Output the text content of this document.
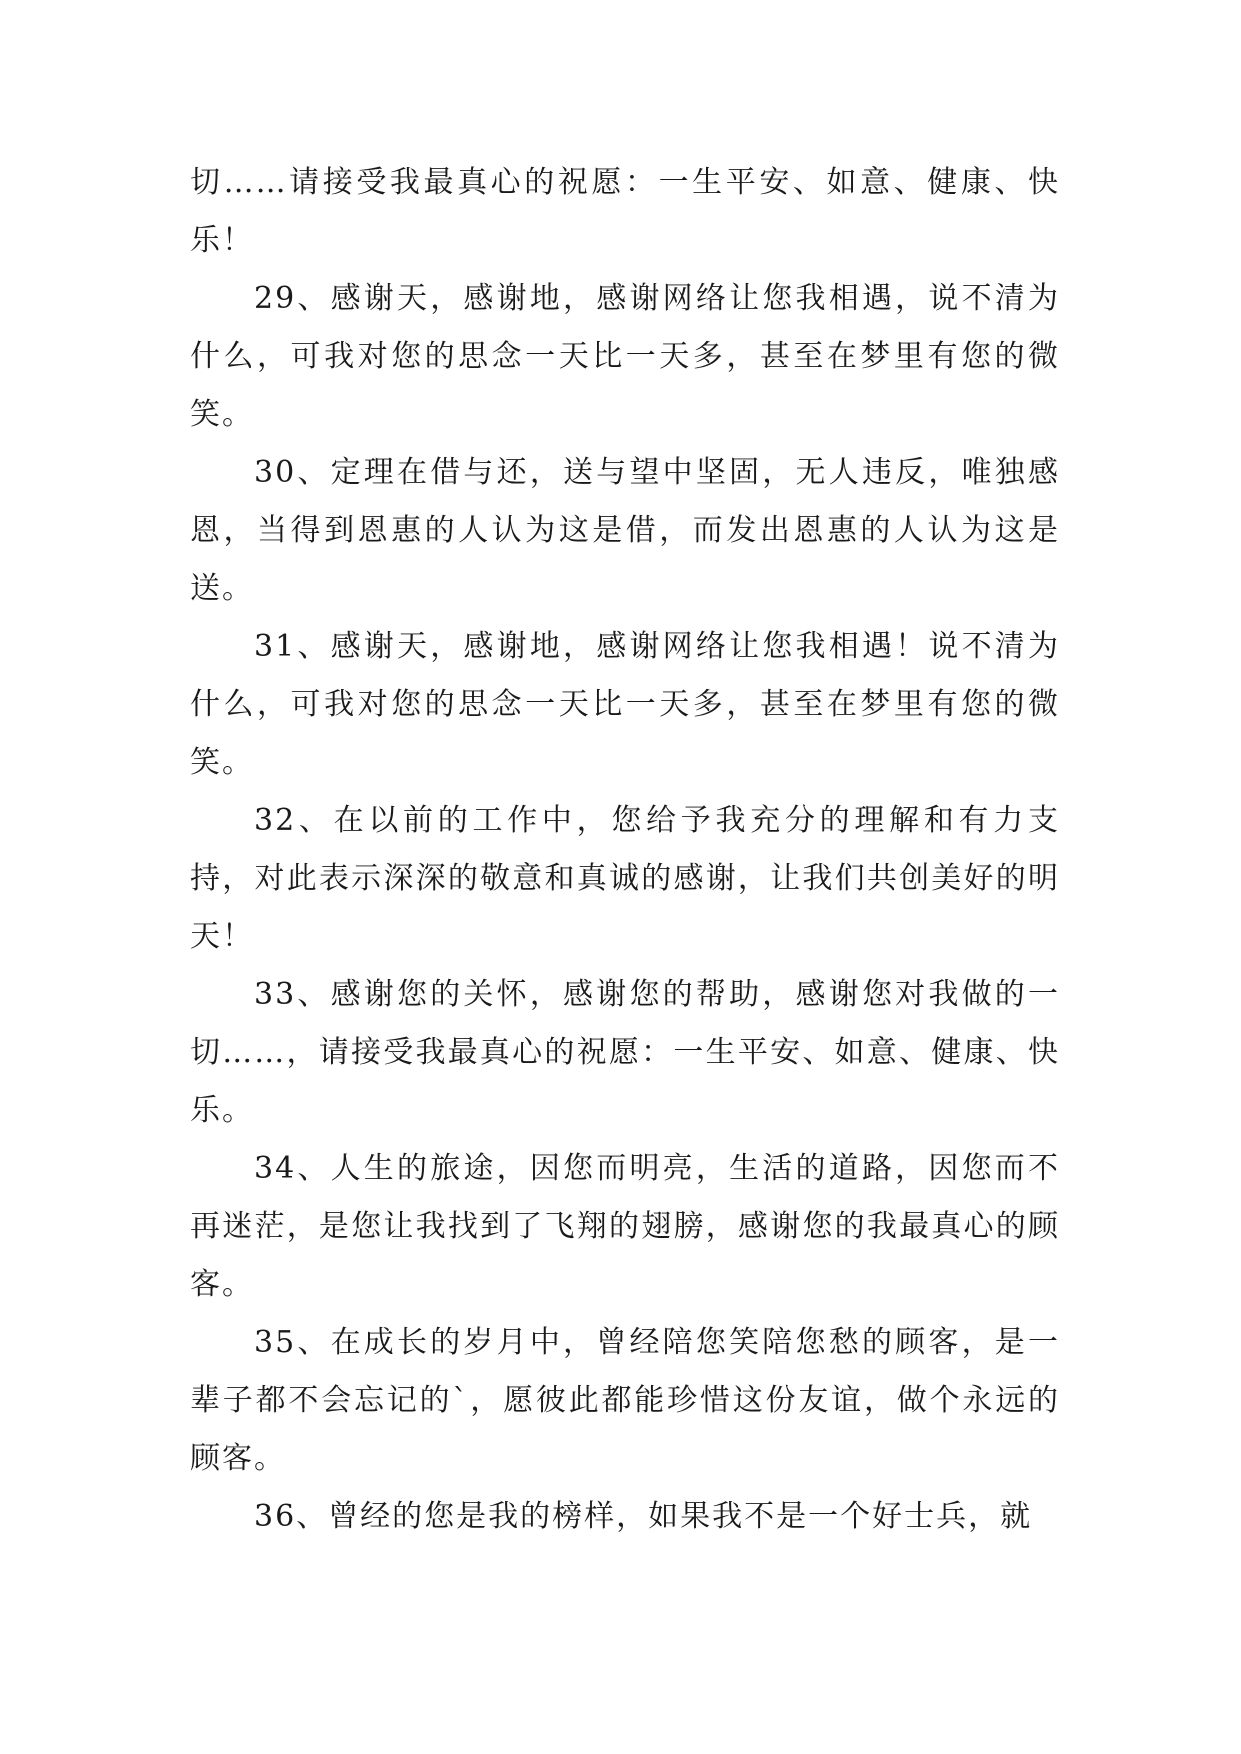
切……请接受我最真心的祝愿：一生平安、如意、健康、快乐！

29、感谢天，感谢地，感谢网络让您我相遇，说不清为什么，可我对您的思念一天比一天多，甚至在梦里有您的微笑。

30、定理在借与还，送与望中坚固，无人违反，唯独感恩，当得到恩惠的人认为这是借，而发出恩惠的人认为这是送。

31、感谢天，感谢地，感谢网络让您我相遇！说不清为什么，可我对您的思念一天比一天多，甚至在梦里有您的微笑。

32、在以前的工作中，您给予我充分的理解和有力支持，对此表示深深的敬意和真诚的感谢，让我们共创美好的明天！

33、感谢您的关怀，感谢您的帮助，感谢您对我做的一切……，请接受我最真心的祝愿：一生平安、如意、健康、快乐。

34、人生的旅途，因您而明亮，生活的道路，因您而不再迷茫，是您让我找到了飞翔的翅膀，感谢您的我最真心的顾客。

35、在成长的岁月中，曾经陪您笑陪您愁的顾客，是一辈子都不会忘记的`，愿彼此都能珍惜这份友谊，做个永远的顾客。

36、曾经的您是我的榜样，如果我不是一个好士兵，就
